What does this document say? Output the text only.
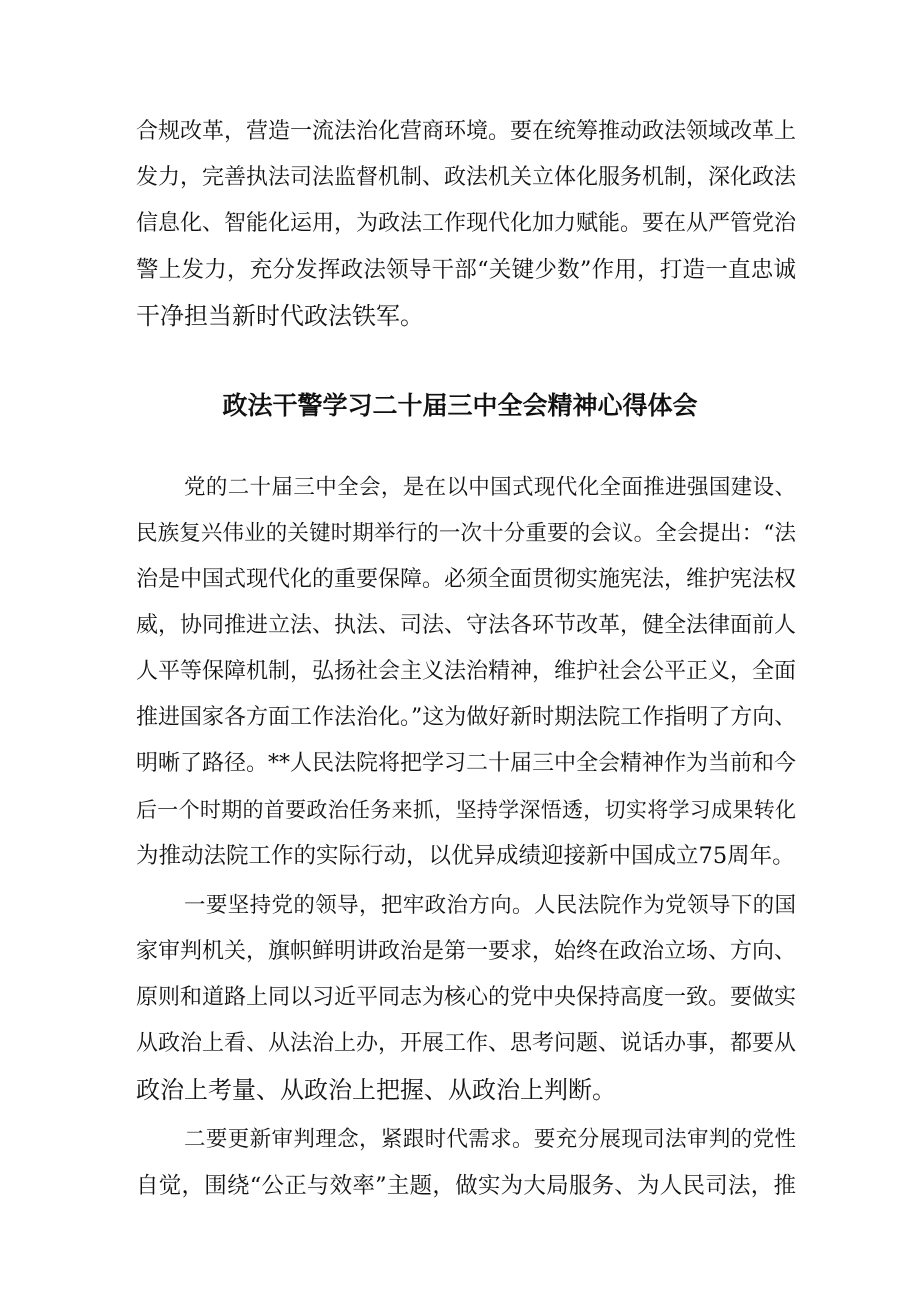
合规改革，营造一流法治化营商环境。要在统筹推动政法领域改革上
发力，完善执法司法监督机制、政法机关立体化服务机制，深化政法
信息化、智能化运用，为政法工作现代化加力赋能。要在从严管党治
警上发力，充分发挥政法领导干部“关键少数”作用，打造一直忠诚
干净担当新时代政法铁军。
政法干警学习二十届三中全会精神心得体会
党的二十届三中全会，是在以中国式现代化全面推进强国建设、
民族复兴伟业的关键时期举行的一次十分重要的会议。全会提出：“法
治是中国式现代化的重要保障。必须全面贯彻实施宪法，维护宪法权
威，协同推进立法、执法、司法、守法各环节改革，健全法律面前人
人平等保障机制，弘扬社会主义法治精神，维护社会公平正义，全面
推进国家各方面工作法治化。”这为做好新时期法院工作指明了方向、
明晰了路径。**人民法院将把学习二十届三中全会精神作为当前和今
后一个时期的首要政治任务来抓，坚持学深悟透，切实将学习成果转化
为推动法院工作的实际行动，以优异成绩迎接新中国成立75周年。
一要坚持党的领导，把牢政治方向。人民法院作为党领导下的国
家审判机关，旗帜鲜明讲政治是第一要求，始终在政治立场、方向、
原则和道路上同以习近平同志为核心的党中央保持高度一致。要做实
从政治上看、从法治上办，开展工作、思考问题、说话办事，都要从
政治上考量、从政治上把握、从政治上判断。
二要更新审判理念，紧跟时代需求。要充分展现司法审判的党性
自觉，围绕“公正与效率”主题，做实为大局服务、为人民司法，推
